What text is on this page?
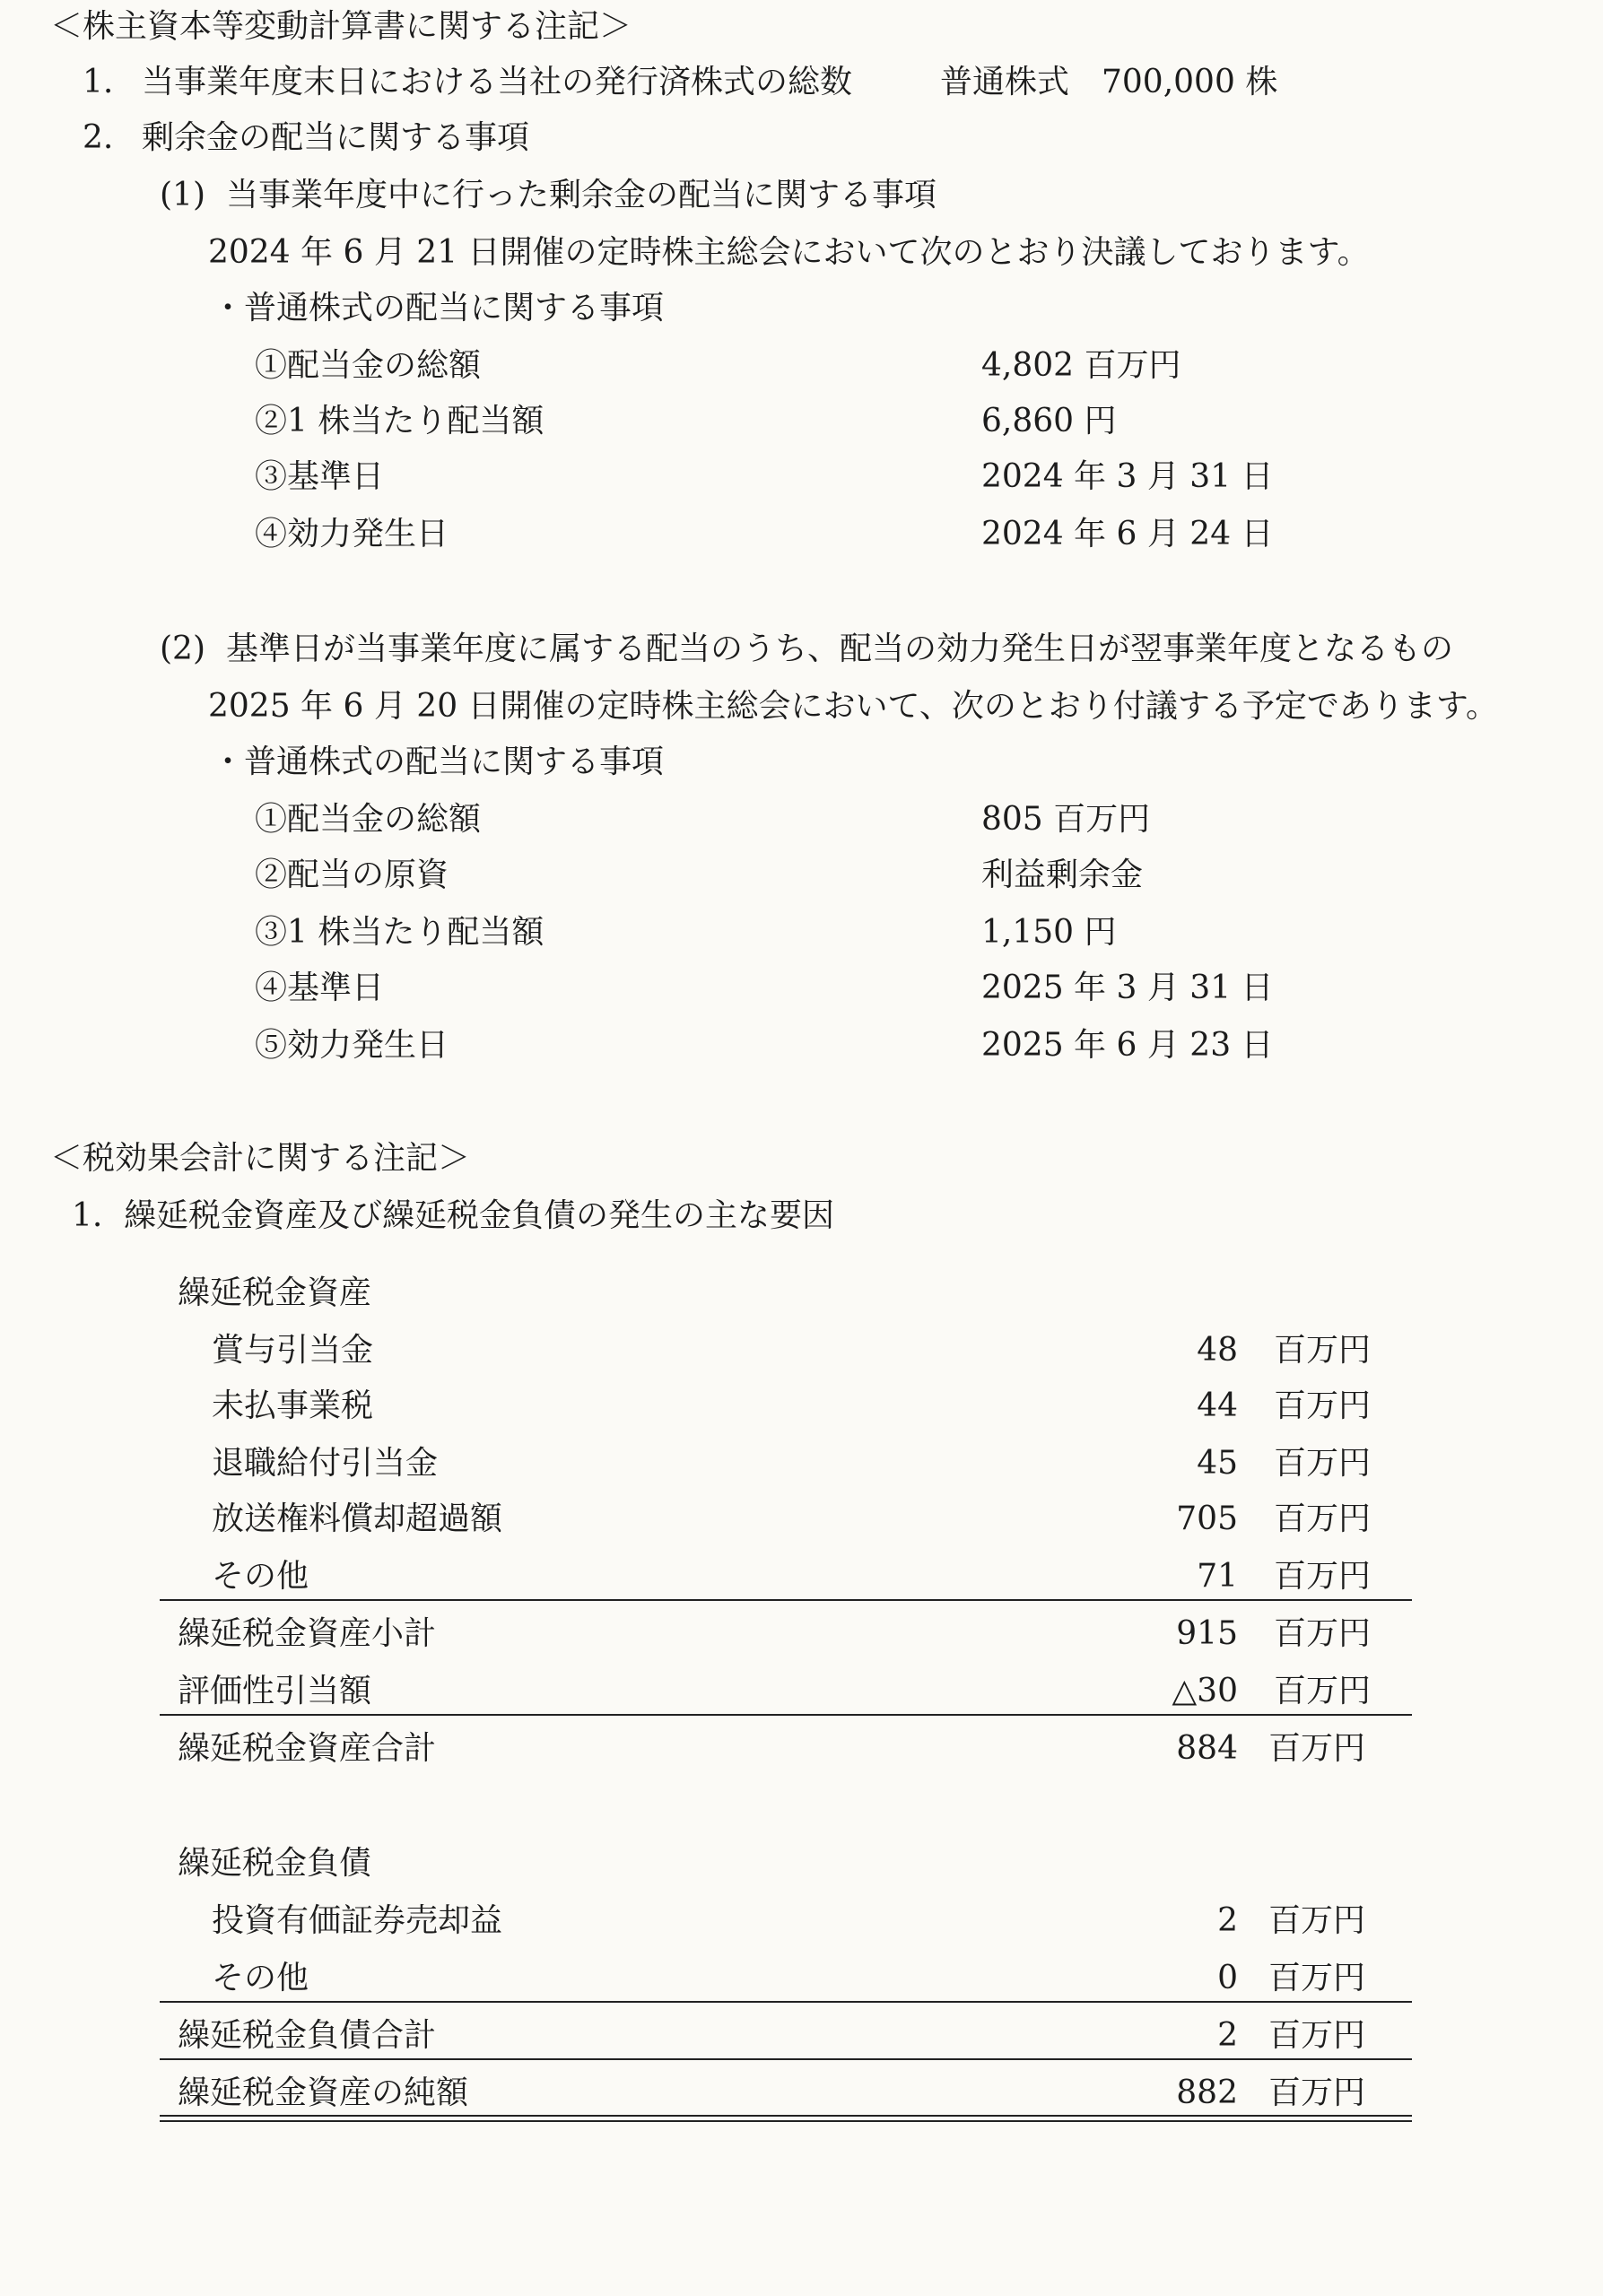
＜株主資本等変動計算書に関する注記＞
1. 当事業年度末日における当社の発行済株式の総数	普通株式　700,000 株
2. 剰余金の配当に関する事項
(1) 当事業年度中に行った剰余金の配当に関する事項
2024 年 6 月 21 日開催の定時株主総会において次のとおり決議しております。
・普通株式の配当に関する事項
①配当金の総額	4,802 百万円
②1 株当たり配当額	6,860 円
③基準日	2024 年 3 月 31 日
④効力発生日	2024 年 6 月 24 日
(2) 基準日が当事業年度に属する配当のうち、配当の効力発生日が翌事業年度となるもの
2025 年 6 月 20 日開催の定時株主総会において、次のとおり付議する予定であります。
・普通株式の配当に関する事項
①配当金の総額	805 百万円
②配当の原資	利益剰余金
③1 株当たり配当額	1,150 円
④基準日	2025 年 3 月 31 日
⑤効力発生日	2025 年 6 月 23 日
＜税効果会計に関する注記＞
1. 繰延税金資産及び繰延税金負債の発生の主な要因
繰延税金資産
賞与引当金	48 百万円
未払事業税	44 百万円
退職給付引当金	45 百万円
放送権料償却超過額	705 百万円
その他	71 百万円
繰延税金資産小計	915 百万円
評価性引当額	△30 百万円
繰延税金資産合計	884 百万円
繰延税金負債
投資有価証券売却益	2 百万円
その他	0 百万円
繰延税金負債合計	2 百万円
繰延税金資産の純額	882 百万円
